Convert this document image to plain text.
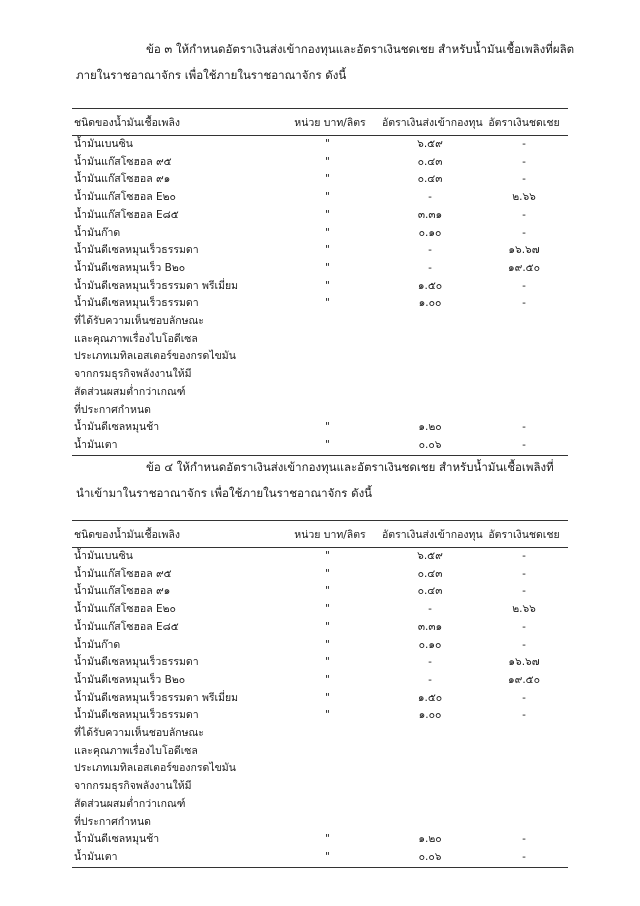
ข้อ ๓ ให้กำหนดอัตราเงินส่งเข้ากองทุนและอัตราเงินชดเชย สำหรับน้ำมันเชื้อเพลิงที่ผลิต
ภายในราชอาณาจักร เพื่อใช้ภายในราชอาณาจักร ดังนี้

ชนิดของน้ำมันเชื้อเพลิง	หน่วย บาท/ลิตร	อัตราเงินส่งเข้ากองทุน	อัตราเงินชดเชย
น้ำมันเบนซิน	"	๖.๕๙	-
น้ำมันแก๊สโซฮอล ๙๕	"	๐.๔๓	-
น้ำมันแก๊สโซฮอล ๙๑	"	๐.๔๓	-
น้ำมันแก๊สโซฮอล E๒๐	"	-	๒.๖๖
น้ำมันแก๊สโซฮอล E๘๕	"	๓.๓๑	-
น้ำมันก๊าด	"	๐.๑๐	-
น้ำมันดีเซลหมุนเร็วธรรมดา	"	-	๑๖.๖๗
น้ำมันดีเซลหมุนเร็ว B๒๐	"	-	๑๙.๕๐
น้ำมันดีเซลหมุนเร็วธรรมดา พรีเมี่ยม	"	๑.๕๐	-
น้ำมันดีเซลหมุนเร็วธรรมดา	"	๑.๐๐	-
ที่ได้รับความเห็นชอบลักษณะ			
และคุณภาพเรื่องไบโอดีเซล			
ประเภทเมทิลเอสเตอร์ของกรดไขมัน			
จากกรมธุรกิจพลังงานให้มี			
สัดส่วนผสมต่ำกว่าเกณฑ์			
ที่ประกาศกำหนด			
น้ำมันดีเซลหมุนช้า	"	๑.๒๐	-
น้ำมันเตา	"	๐.๐๖	-

ข้อ ๔ ให้กำหนดอัตราเงินส่งเข้ากองทุนและอัตราเงินชดเชย สำหรับน้ำมันเชื้อเพลิงที่
นำเข้ามาในราชอาณาจักร เพื่อใช้ภายในราชอาณาจักร ดังนี้

ชนิดของน้ำมันเชื้อเพลิง	หน่วย บาท/ลิตร	อัตราเงินส่งเข้ากองทุน	อัตราเงินชดเชย
น้ำมันเบนซิน	"	๖.๕๙	-
น้ำมันแก๊สโซฮอล ๙๕	"	๐.๔๓	-
น้ำมันแก๊สโซฮอล ๙๑	"	๐.๔๓	-
น้ำมันแก๊สโซฮอล E๒๐	"	-	๒.๖๖
น้ำมันแก๊สโซฮอล E๘๕	"	๓.๓๑	-
น้ำมันก๊าด	"	๐.๑๐	-
น้ำมันดีเซลหมุนเร็วธรรมดา	"	-	๑๖.๖๗
น้ำมันดีเซลหมุนเร็ว B๒๐	"	-	๑๙.๕๐
น้ำมันดีเซลหมุนเร็วธรรมดา พรีเมี่ยม	"	๑.๕๐	-
น้ำมันดีเซลหมุนเร็วธรรมดา	"	๑.๐๐	-
ที่ได้รับความเห็นชอบลักษณะ			
และคุณภาพเรื่องไบโอดีเซล			
ประเภทเมทิลเอสเตอร์ของกรดไขมัน			
จากกรมธุรกิจพลังงานให้มี			
สัดส่วนผสมต่ำกว่าเกณฑ์			
ที่ประกาศกำหนด			
น้ำมันดีเซลหมุนช้า	"	๑.๒๐	-
น้ำมันเตา	"	๐.๐๖	-
